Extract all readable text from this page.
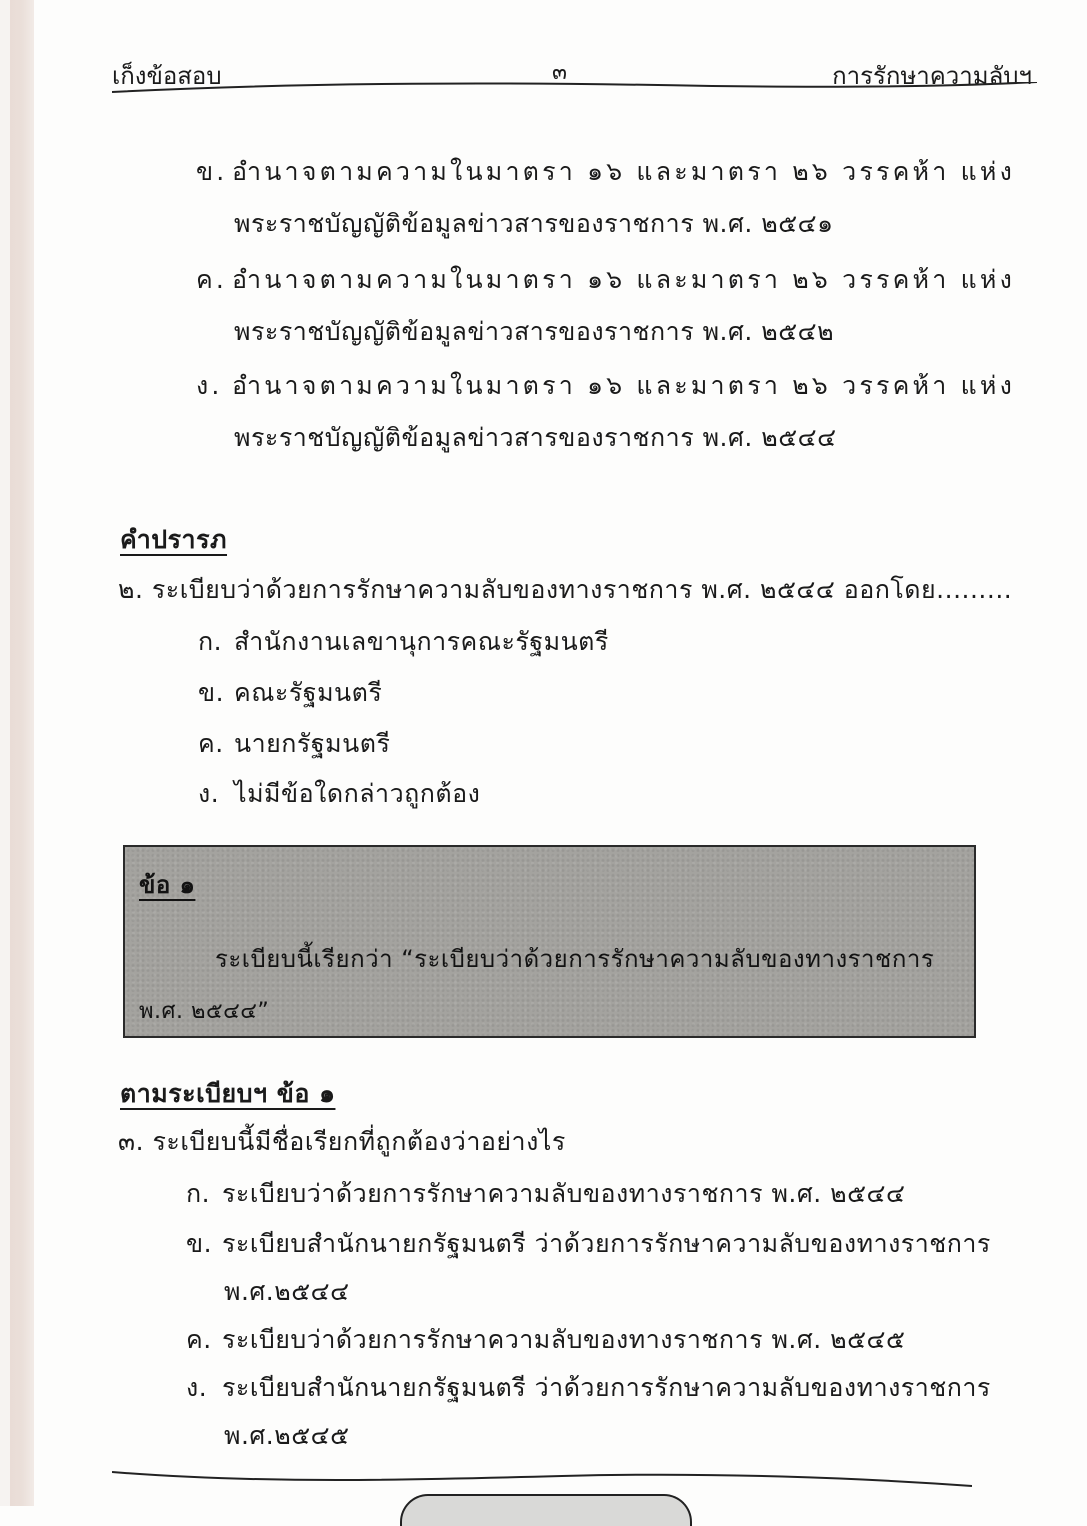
เก็งข้อสอบ	๓	การรักษาความลับฯ
ข. อำนาจตามความในมาตรา ๑๖ และมาตรา ๒๖ วรรคห้า แห่ง
พระราชบัญญัติข้อมูลข่าวสารของราชการ พ.ศ. ๒๕๔๑
ค. อำนาจตามความในมาตรา ๑๖ และมาตรา ๒๖ วรรคห้า แห่ง
พระราชบัญญัติข้อมูลข่าวสารของราชการ พ.ศ. ๒๕๔๒
ง. อำนาจตามความในมาตรา ๑๖ และมาตรา ๒๖ วรรคห้า แห่ง
พระราชบัญญัติข้อมูลข่าวสารของราชการ พ.ศ. ๒๕๔๔
คำปรารภ
๒. ระเบียบว่าด้วยการรักษาความลับของทางราชการ พ.ศ. ๒๕๔๔ ออกโดย.........
ก. สำนักงานเลขานุการคณะรัฐมนตรี
ข. คณะรัฐมนตรี
ค. นายกรัฐมนตรี
ง. ไม่มีข้อใดกล่าวถูกต้อง
ข้อ ๑
ระเบียบนี้เรียกว่า “ระเบียบว่าด้วยการรักษาความลับของทางราชการ
พ.ศ. ๒๕๔๔”
ตามระเบียบฯ ข้อ ๑
๓. ระเบียบนี้มีชื่อเรียกที่ถูกต้องว่าอย่างไร
ก. ระเบียบว่าด้วยการรักษาความลับของทางราชการ พ.ศ. ๒๕๔๔
ข. ระเบียบสำนักนายกรัฐมนตรี ว่าด้วยการรักษาความลับของทางราชการ
พ.ศ.๒๕๔๔
ค. ระเบียบว่าด้วยการรักษาความลับของทางราชการ พ.ศ. ๒๕๔๕
ง. ระเบียบสำนักนายกรัฐมนตรี ว่าด้วยการรักษาความลับของทางราชการ
พ.ศ.๒๕๔๕
